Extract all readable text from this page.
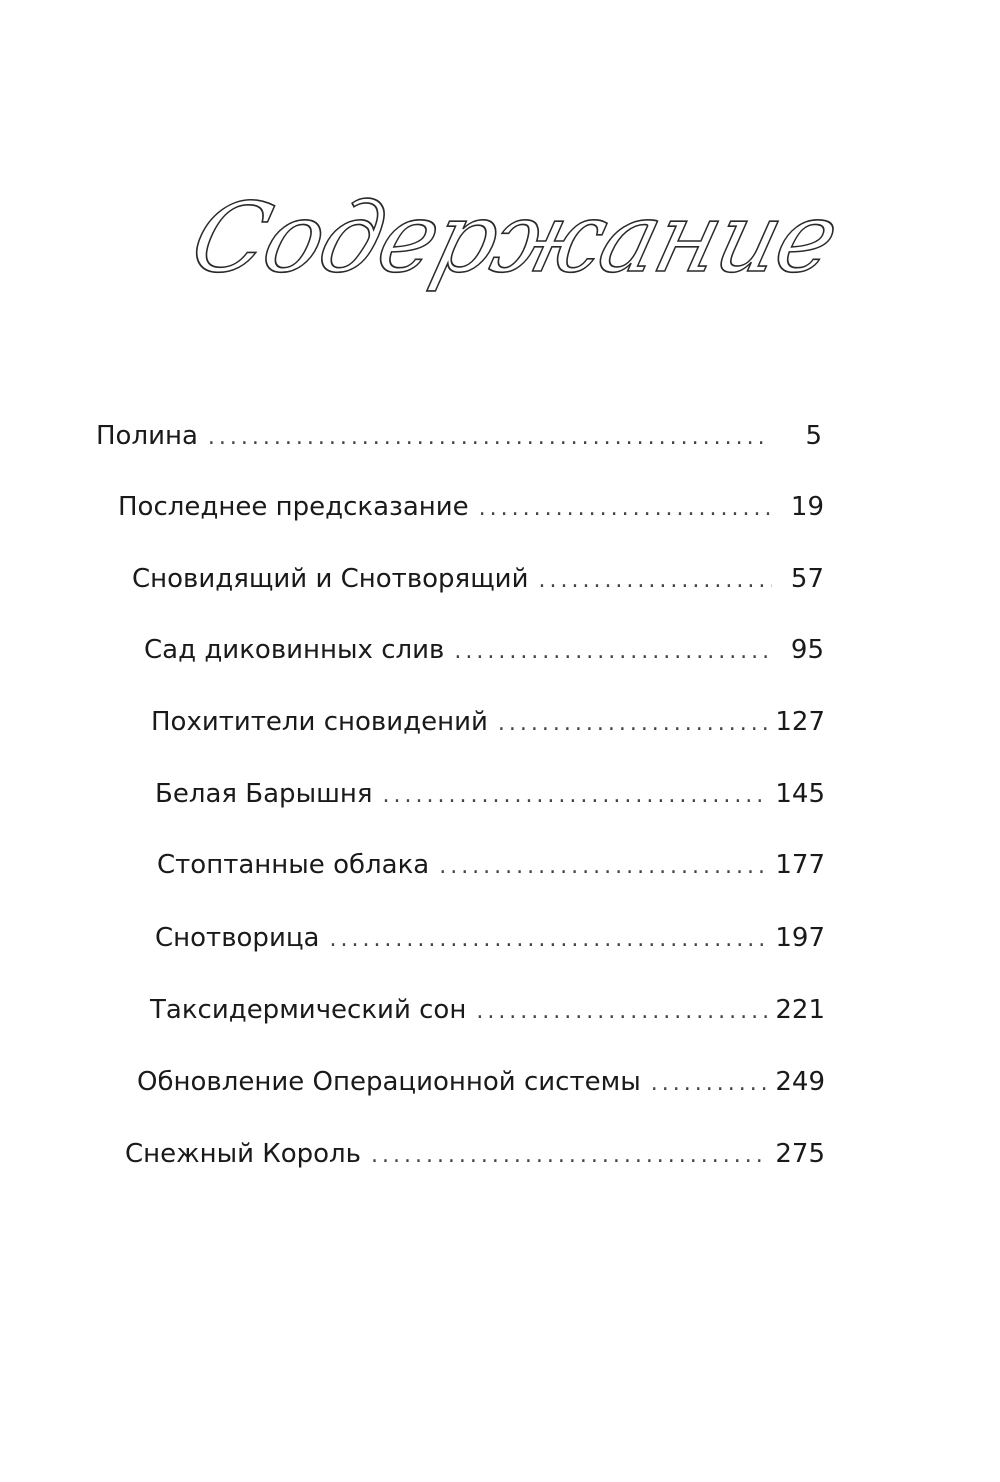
Содержание
Полина .....	5
Последнее предсказание .....	19
Сновидящий и Снотворящий .....	57
Сад диковинных слив .....	95
Похитители сновидений .....	127
Белая Барышня .....	145
Стоптанные облака .....	177
Снотворица .....	197
Таксидермический сон .....	221
Обновление Операционной системы .....	249
Снежный Король .....	275
